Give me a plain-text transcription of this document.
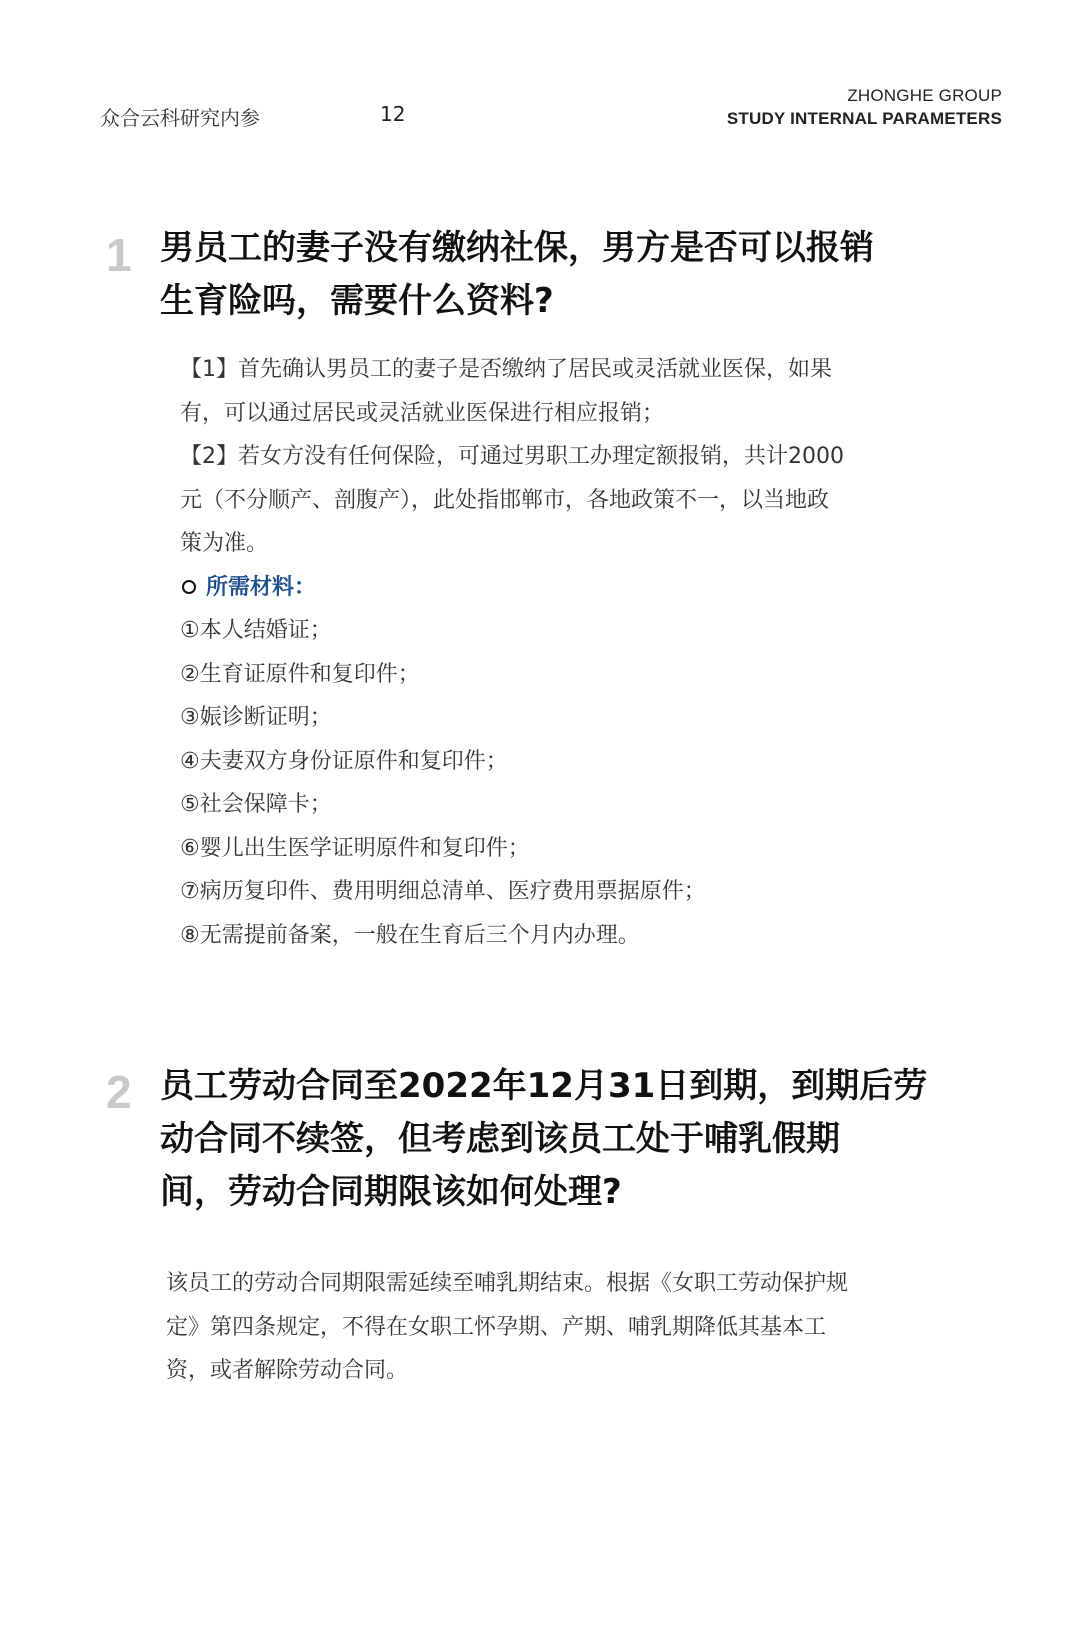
众合云科研究内参	12
ZHONGHE GROUP
STUDY INTERNAL PARAMETERS
1 男员工的妻子没有缴纳社保，男方是否可以报销
生育险吗，需要什么资料?

【1】首先确认男员工的妻子是否缴纳了居民或灵活就业医保，如果

有，可以通过居民或灵活就业医保进行相应报销；

【2】若女方没有任何保险，可通过男职工办理定额报销，共计2000

元（不分顺产、剖腹产），此处指邯郸市，各地政策不一，以当地政

策为准。

所需材料：

①本人结婚证；

②生育证原件和复印件；

③娠诊断证明；

④夫妻双方身份证原件和复印件；

⑤社会保障卡；

⑥婴儿出生医学证明原件和复印件；

⑦病历复印件、费用明细总清单、医疗费用票据原件；

⑧无需提前备案，一般在生育后三个月内办理。

2 员工劳动合同至2022年12月31日到期，到期后劳
动合同不续签，但考虑到该员工处于哺乳假期
间，劳动合同期限该如何处理?

该员工的劳动合同期限需延续至哺乳期结束。根据《女职工劳动保护规

定》第四条规定，不得在女职工怀孕期、产期、哺乳期降低其基本工

资，或者解除劳动合同。
